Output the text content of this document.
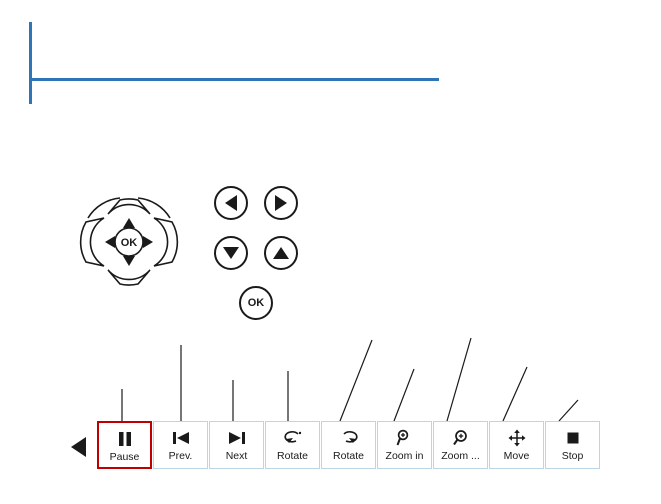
OK
OK
Pause	Prev.	Next	Rotate Rotate Zoom in Zoom ... Move	Stop
